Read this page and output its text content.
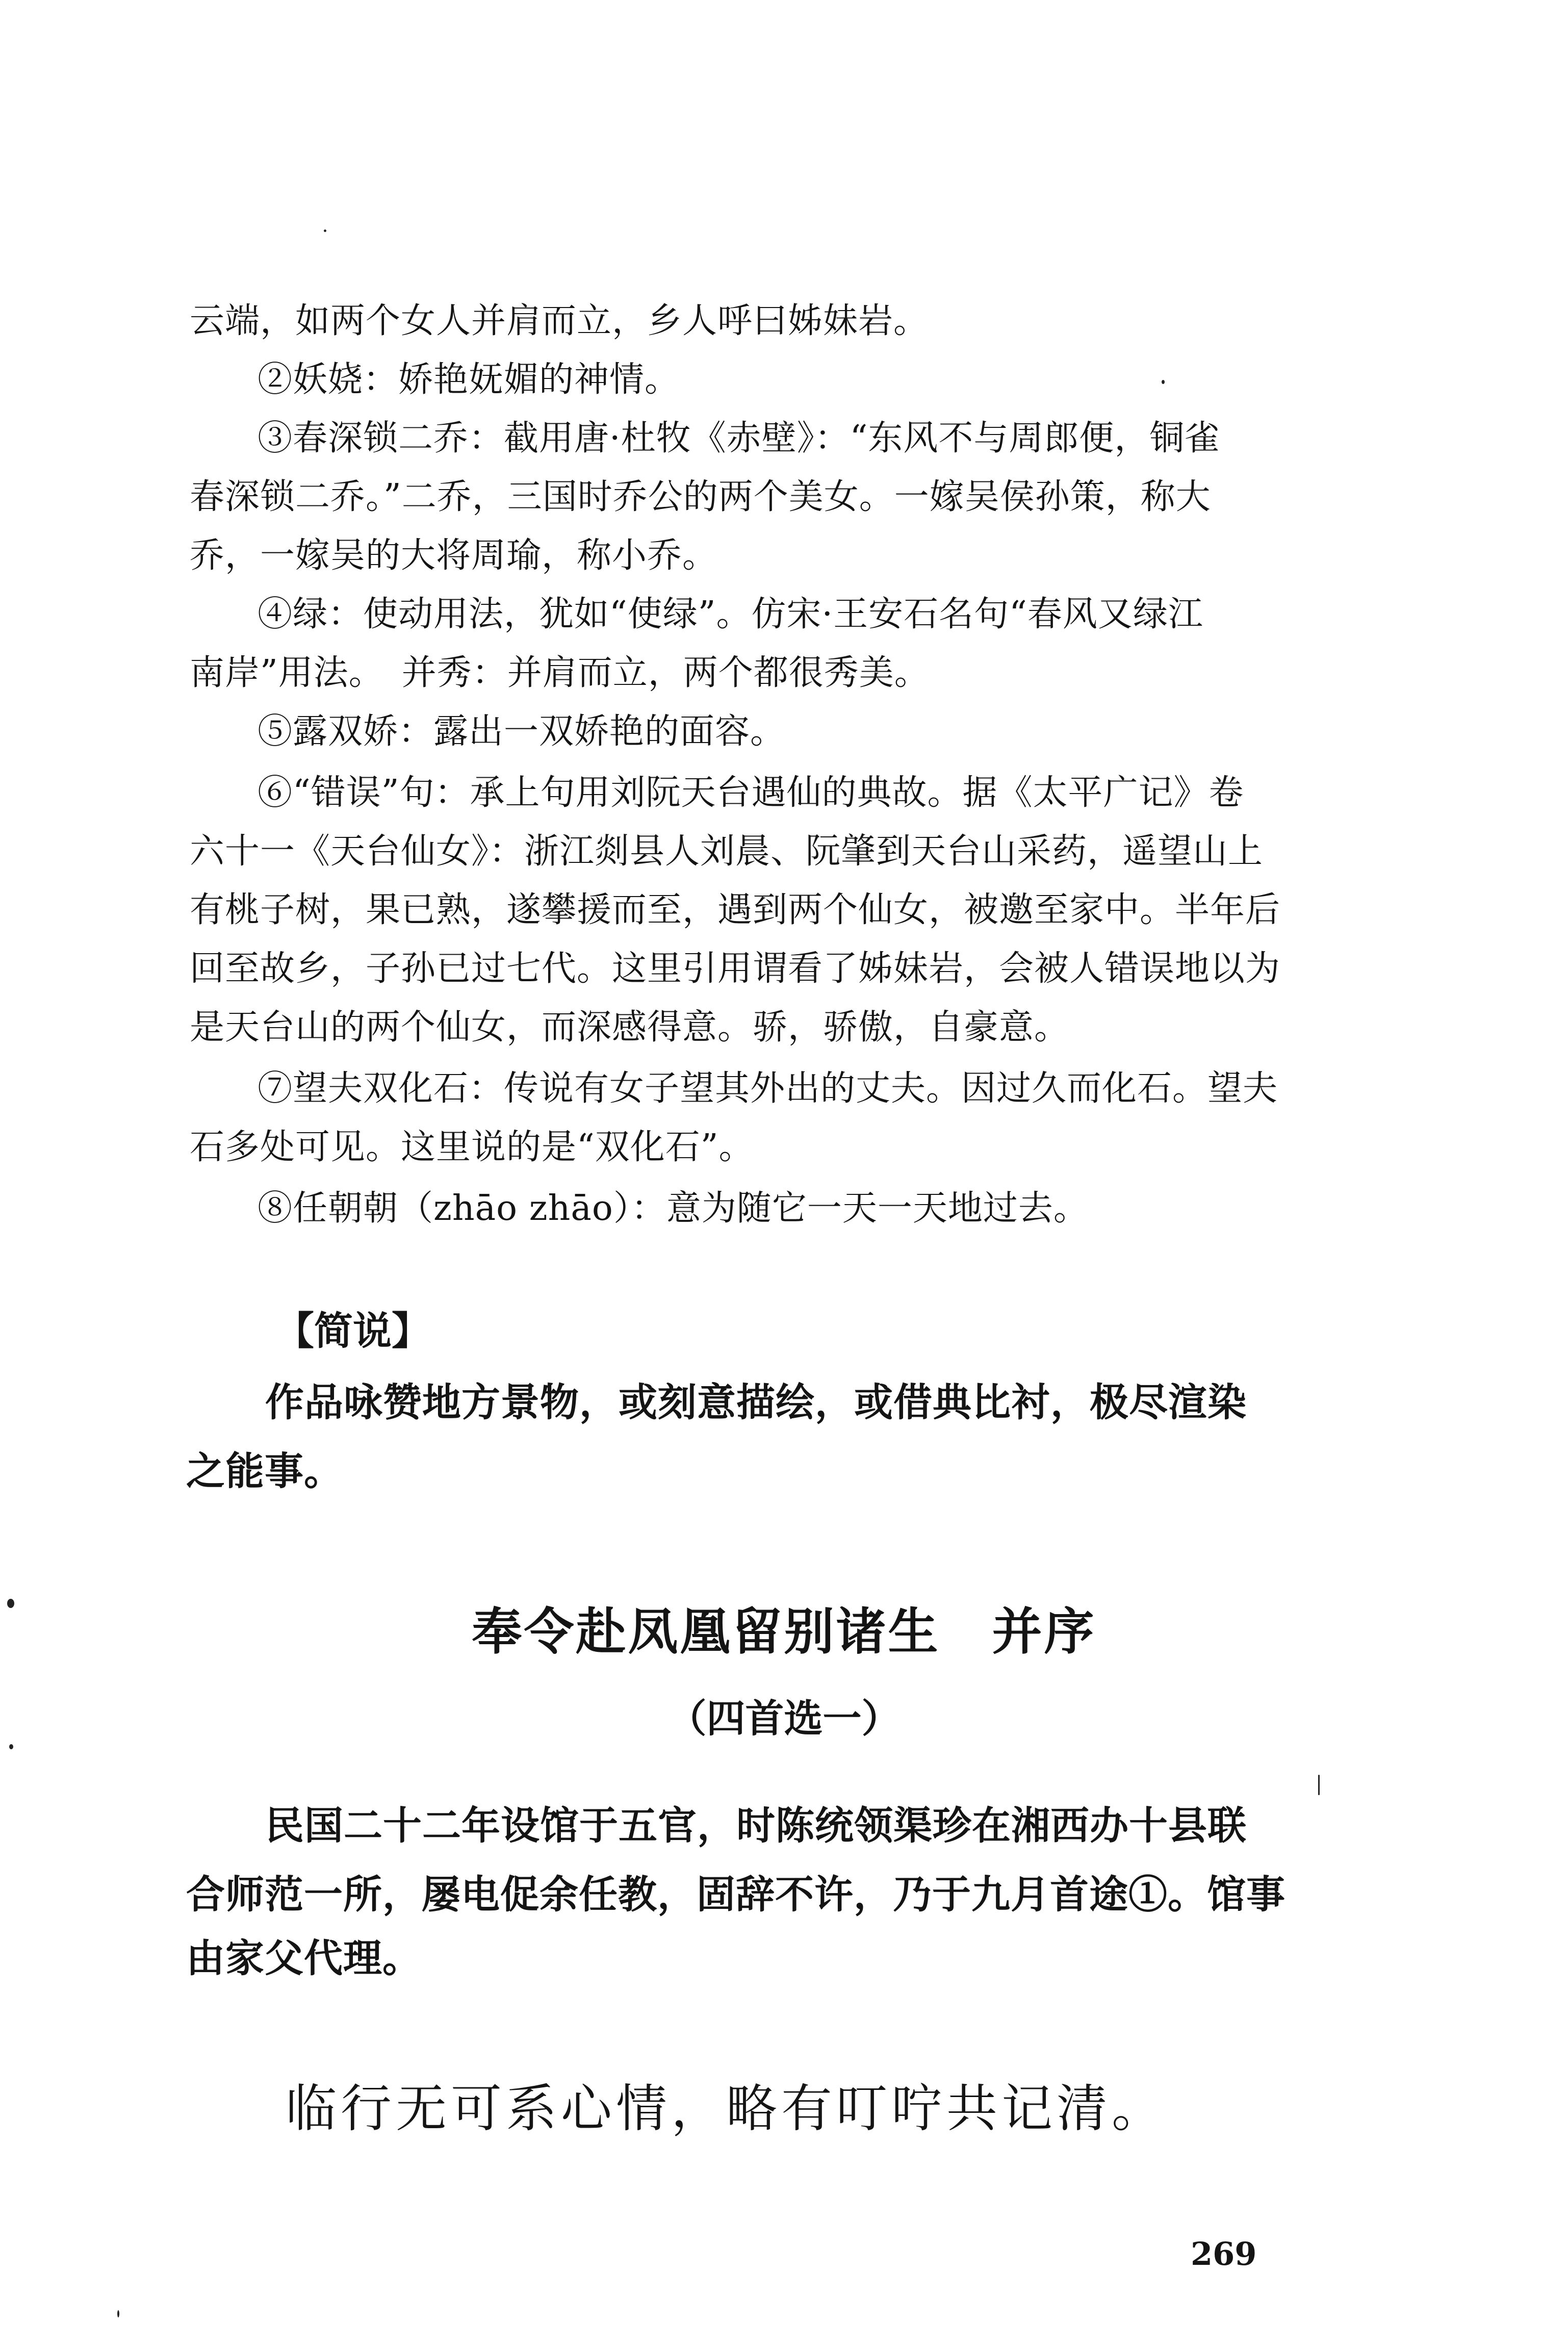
云端，如两个女人并肩而立，乡人呼曰姊妹岩。
②妖娆：娇艳妩媚的神情。
③春深锁二乔：截用唐·杜牧《赤壁》：“东风不与周郎便，铜雀
春深锁二乔。”二乔，三国时乔公的两个美女。一嫁吴侯孙策，称大
乔，一嫁吴的大将周瑜，称小乔。
④绿：使动用法，犹如“使绿”。仿宋·王安石名句“春风又绿江
南岸”用法。　并秀：并肩而立，两个都很秀美。
⑤露双娇：露出一双娇艳的面容。
⑥“错误”句：承上句用刘阮天台遇仙的典故。据《太平广记》卷
六十一《天台仙女》：浙江剡县人刘晨、阮肇到天台山采药，遥望山上
有桃子树，果已熟，遂攀援而至，遇到两个仙女，被邀至家中。半年后
回至故乡，子孙已过七代。这里引用谓看了姊妹岩，会被人错误地以为
是天台山的两个仙女，而深感得意。骄，骄傲，自豪意。
⑦望夫双化石：传说有女子望其外出的丈夫。因过久而化石。望夫
石多处可见。这里说的是“双化石”。
⑧任朝朝（zhāo zhāo）：意为随它一天一天地过去。
【简说】
作品咏赞地方景物，或刻意描绘，或借典比衬，极尽渲染
之能事。
奉令赴凤凰留别诸生　并序
（四首选一）
民国二十二年设馆于五官，时陈统领渠珍在湘西办十县联
合师范一所，屡电促余任教，固辞不许，乃于九月首途①。馆事
由家父代理。
临行无可系心情，略有叮咛共记清。
269
